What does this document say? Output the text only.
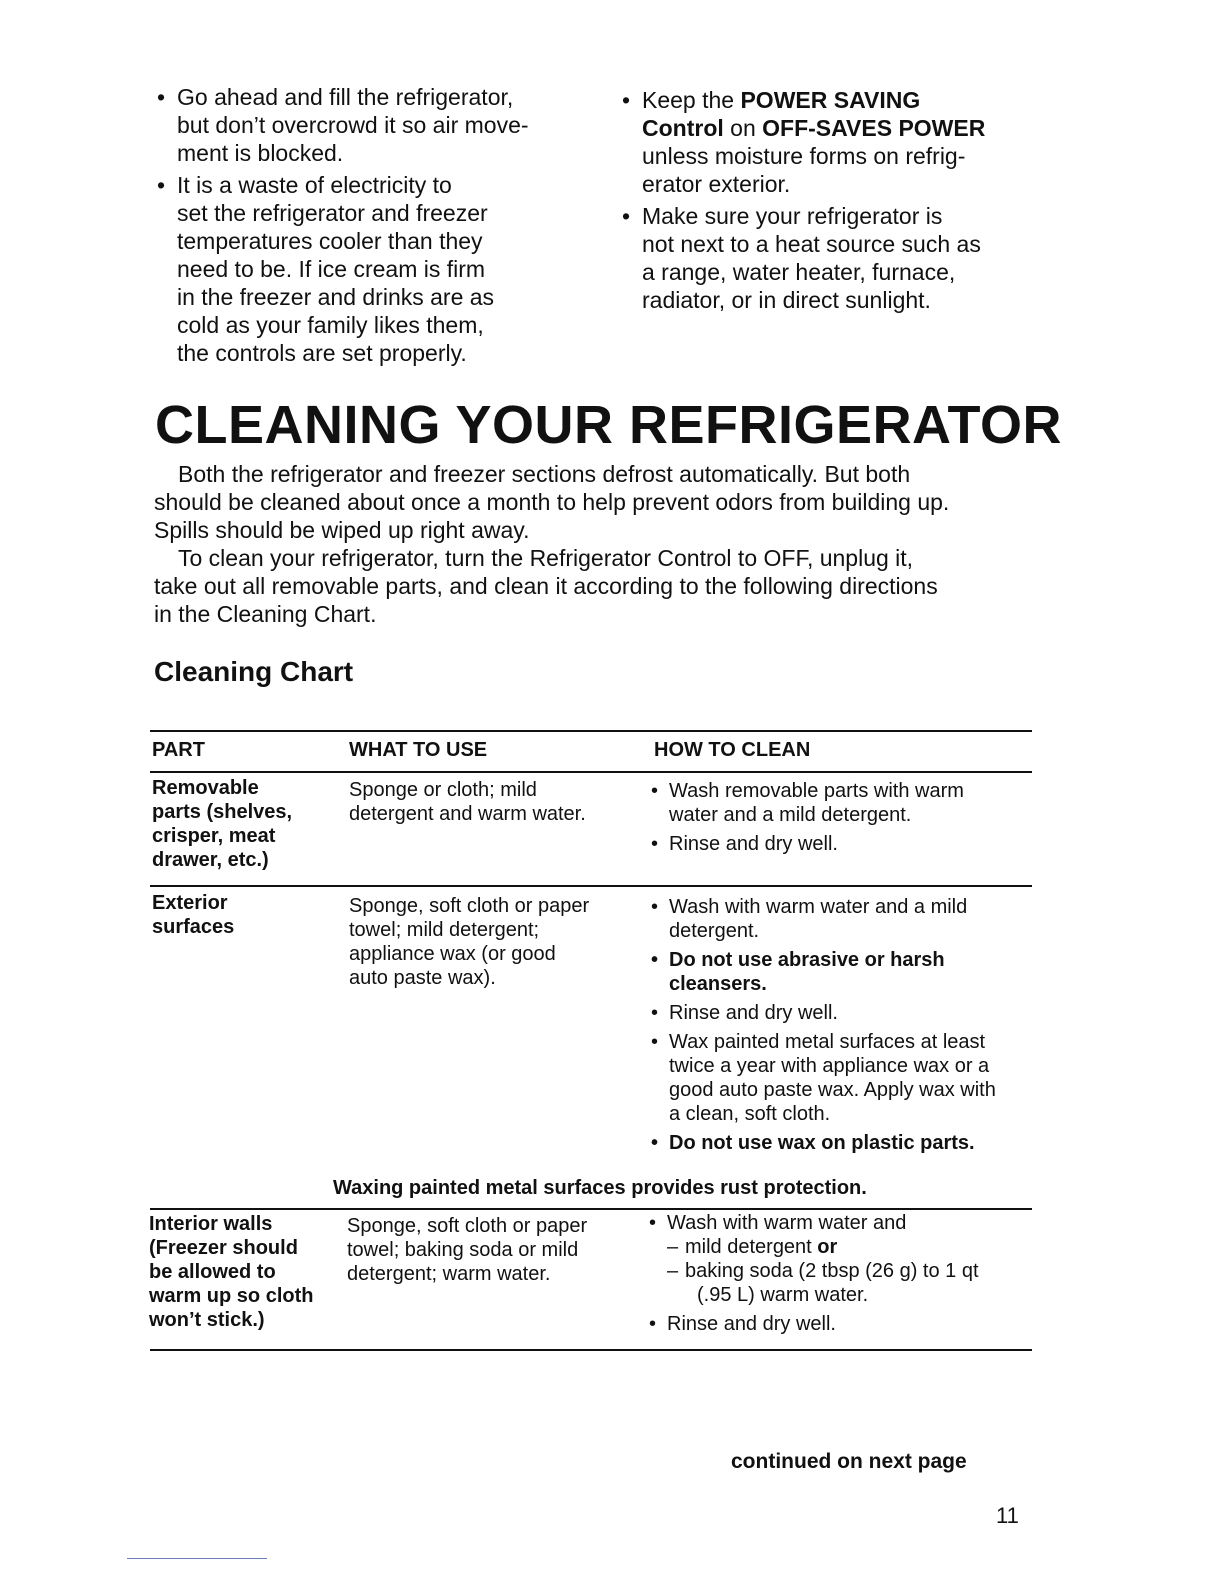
• Go ahead and fill the refrigerator,
but don’t overcrowd it so air move-
ment is blocked.
• It is a waste of electricity to
set the refrigerator and freezer
temperatures cooler than they
need to be. If ice cream is firm
in the freezer and drinks are as
cold as your family likes them,
the controls are set properly.
• Keep the POWER SAVING
Control on OFF-SAVES POWER
unless moisture forms on refrig-
erator exterior.
• Make sure your refrigerator is
not next to a heat source such as
a range, water heater, furnace,
radiator, or in direct sunlight.
CLEANING YOUR REFRIGERATOR
Both the refrigerator and freezer sections defrost automatically. But both
should be cleaned about once a month to help prevent odors from building up.
Spills should be wiped up right away.
To clean your refrigerator, turn the Refrigerator Control to OFF, unplug it,
take out all removable parts, and clean it according to the following directions
in the Cleaning Chart.
Cleaning Chart
PART	WHAT TO USE	HOW TO CLEAN
Removable
parts (shelves,
crisper, meat
drawer, etc.)
Sponge or cloth; mild
detergent and warm water.
• Wash removable parts with warm
water and a mild detergent.
• Rinse and dry well.
Exterior
surfaces
Sponge, soft cloth or paper
towel; mild detergent;
appliance wax (or good
auto paste wax).
• Wash with warm water and a mild
detergent.
• Do not use abrasive or harsh
cleansers.
• Rinse and dry well.
• Wax painted metal surfaces at least
twice a year with appliance wax or a
good auto paste wax. Apply wax with
a clean, soft cloth.
• Do not use wax on plastic parts.
Waxing painted metal surfaces provides rust protection.
Interior walls
(Freezer should
be allowed to
warm up so cloth
won’t stick.)
Sponge, soft cloth or paper
towel; baking soda or mild
detergent; warm water.
• Wash with warm water and
– mild detergent or
– baking soda (2 tbsp (26 g) to 1 qt
(.95 L) warm water.
• Rinse and dry well.
continued on next page
11
